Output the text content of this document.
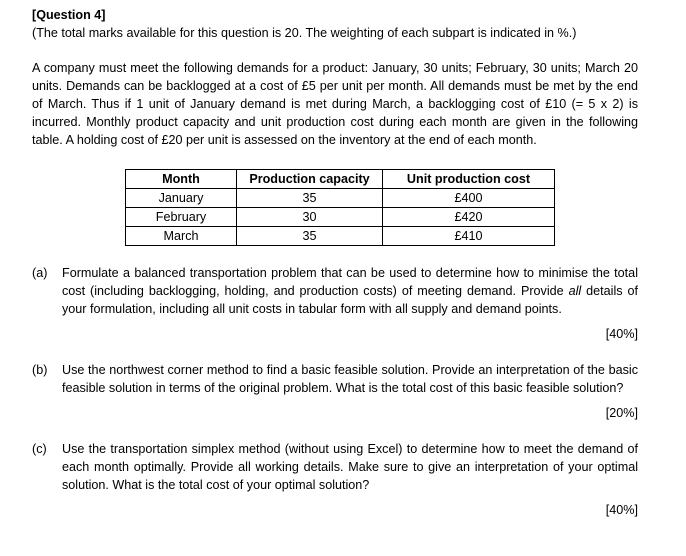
[Question 4]
(The total marks available for this question is 20. The weighting of each subpart is indicated in %.)
A company must meet the following demands for a product: January, 30 units; February, 30 units; March 20 units. Demands can be backlogged at a cost of £5 per unit per month. All demands must be met by the end of March. Thus if 1 unit of January demand is met during March, a backlogging cost of £10 (= 5 x 2) is incurred. Monthly product capacity and unit production cost during each month are given in the following table. A holding cost of £20 per unit is assessed on the inventory at the end of each month.
Month	Production capacity	Unit production cost
January	35	£400
February	30	£420
March	35	£410
(a) Formulate a balanced transportation problem that can be used to determine how to minimise the total cost (including backlogging, holding, and production costs) of meeting demand. Provide all details of your formulation, including all unit costs in tabular form with all supply and demand points.
[40%]
(b) Use the northwest corner method to find a basic feasible solution. Provide an interpretation of the basic feasible solution in terms of the original problem. What is the total cost of this basic feasible solution?
[20%]
(c) Use the transportation simplex method (without using Excel) to determine how to meet the demand of each month optimally. Provide all working details. Make sure to give an interpretation of your optimal solution. What is the total cost of your optimal solution?
[40%]
